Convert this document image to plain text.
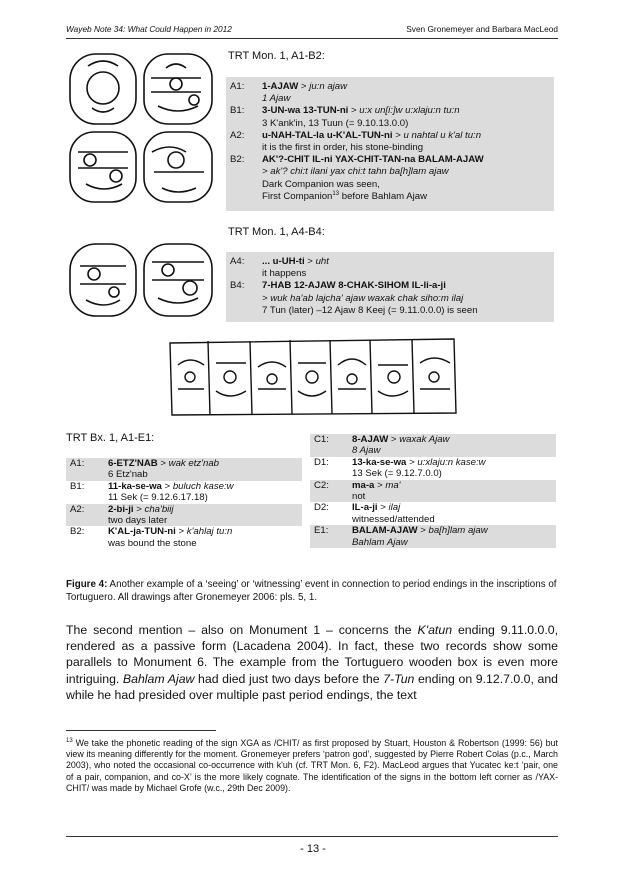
Wayeb Note 34: What Could Happen in 2012	Sven Gronemeyer and Barbara MacLeod
TRT Mon. 1, A1-B2:
A1:	1-AJAW > ju:n ajaw
1 Ajaw
B1:	3-UN-wa 13-TUN-ni > u:x un[i:]w u:xlaju:n tu:n
3 K'ank'in, 13 Tuun (= 9.10.13.0.0)
A2:	u-NAH-TAL-la u-K'AL-TUN-ni > u nahtal u k'al tu:n
it is the first in order, his stone-binding
B2:	AK'?-CHIT IL-ni YAX-CHIT-TAN-na BALAM-AJAW
> ak'? chi:t ilani yax chi:t tahn ba[h]lam ajaw
Dark Companion was seen,
First Companion$^{13}$ before Bahlam Ajaw
TRT Mon. 1, A4-B4:
A4:	... u-UH-ti > uht
it happens
B4:	7-HAB 12-AJAW 8-CHAK-SIHOM IL-li-a-ji
> wuk ha'ab lajcha' ajaw waxak chak siho:m ilaj
7 Tun (later) –12 Ajaw 8 Keej (= 9.11.0.0.0) is seen
TRT Bx. 1, A1-E1:
A1:	6-ETZ'NAB > wak etz'nab
6 Etz'nab
B1:	11-ka-se-wa > buluch kase:w
11 Sek (= 9.12.6.17.18)
A2:	2-bi-ji > cha'biij
two days later
B2:	K'AL-ja-TUN-ni > k'ahlaj tu:n
was bound the stone
C1:	8-AJAW > waxak Ajaw
8 Ajaw
D1:	13-ka-se-wa > u:xlaju:n kase:w
13 Sek (= 9.12.7.0.0)
C2:	ma-a > ma'
not
D2:	IL-a-ji > ilaj
witnessed/attended
E1:	BALAM-AJAW > ba[h]lam ajaw
Bahlam Ajaw
Figure 4: Another example of a ‘seeing’ or ‘witnessing’ event in connection to period endings in the inscriptions of Tortuguero. All drawings after Gronemeyer 2006: pls. 5, 1.
The second mention – also on Monument 1 – concerns the K'atun ending 9.11.0.0.0, rendered as a passive form (Lacadena 2004). In fact, these two records show some parallels to Monument 6. The example from the Tortuguero wooden box is even more intriguing. Bahlam Ajaw had died just two days before the 7-Tun ending on 9.12.7.0.0, and while he had presided over multiple past period endings, the text
$^{13}$ We take the phonetic reading of the sign XGA as /CHIT/ as first proposed by Stuart, Houston & Robertson (1999: 56) but view its meaning differently for the moment. Gronemeyer prefers ‘patron god’, suggested by Pierre Robert Colas (p.c., March 2003), who noted the occasional co-occurrence with k'uh (cf. TRT Mon. 6, F2). MacLeod argues that Yucatec ke:t ‘pair, one of a pair, companion, and co-X’ is the more likely cognate. The identification of the signs in the bottom left corner as /YAX-CHIT/ was made by Michael Grofe (w.c., 29th Dec 2009).
- 13 -
